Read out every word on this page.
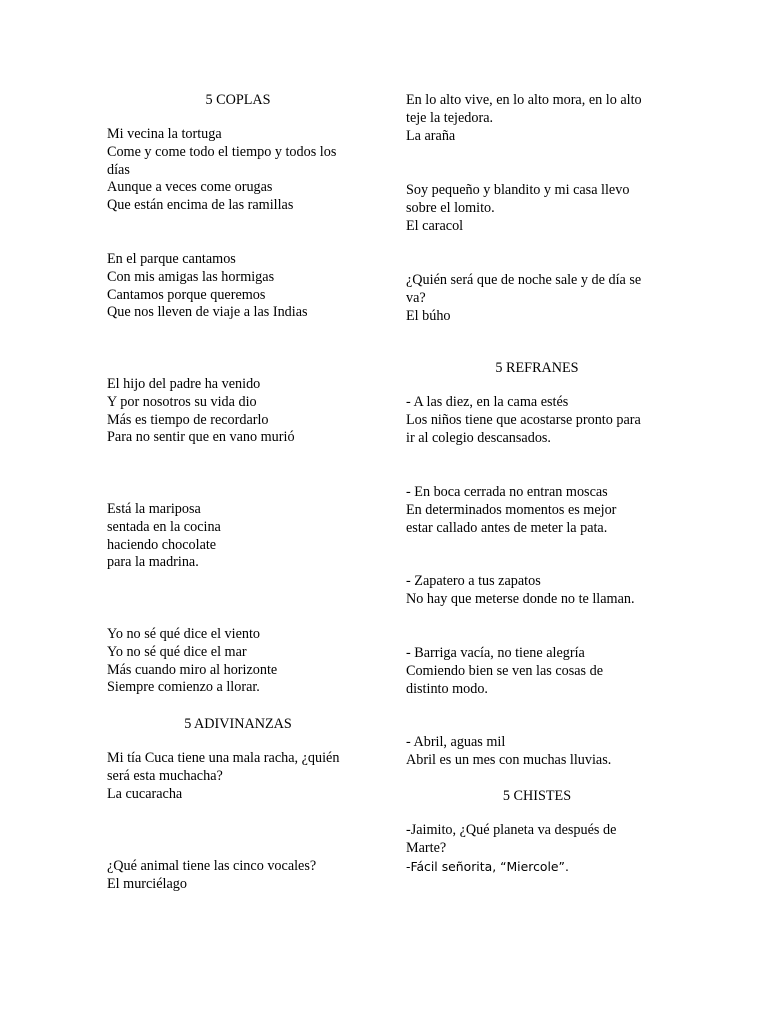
5 COPLAS
Mi vecina la tortuga
Come y come todo el tiempo y todos los
días
Aunque a veces come orugas
Que están encima de las ramillas
En el parque cantamos
Con mis amigas las hormigas
Cantamos porque queremos
Que nos lleven de viaje a las Indias
El hijo del padre ha venido
Y por nosotros su vida dio
Más es tiempo de recordarlo
Para no sentir que en vano murió
Está la mariposa
sentada en la cocina
haciendo chocolate
para la madrina.
Yo no sé qué dice el viento
Yo no sé qué dice el mar
Más cuando miro al horizonte
Siempre comienzo a llorar.
5 ADIVINANZAS
Mi tía Cuca tiene una mala racha, ¿quién
será esta muchacha?
La cucaracha
¿Qué animal tiene las cinco vocales?
El murciélago
En lo alto vive, en lo alto mora, en lo alto
teje la tejedora.
La araña
Soy pequeño y blandito y mi casa llevo
sobre el lomito.
El caracol
¿Quién será que de noche sale y de día se
va?
El búho
5 REFRANES
- A las diez, en la cama estés
Los niños tiene que acostarse pronto para
ir al colegio descansados.
- En boca cerrada no entran moscas
En determinados momentos es mejor
estar callado antes de meter la pata.
- Zapatero a tus zapatos
No hay que meterse donde no te llaman.
- Barriga vacía, no tiene alegría
Comiendo bien se ven las cosas de
distinto modo.
- Abril, aguas mil
Abril es un mes con muchas lluvias.
5 CHISTES
-Jaimito, ¿Qué planeta va después de
Marte?
-Fácil señorita, “Miercole”.
